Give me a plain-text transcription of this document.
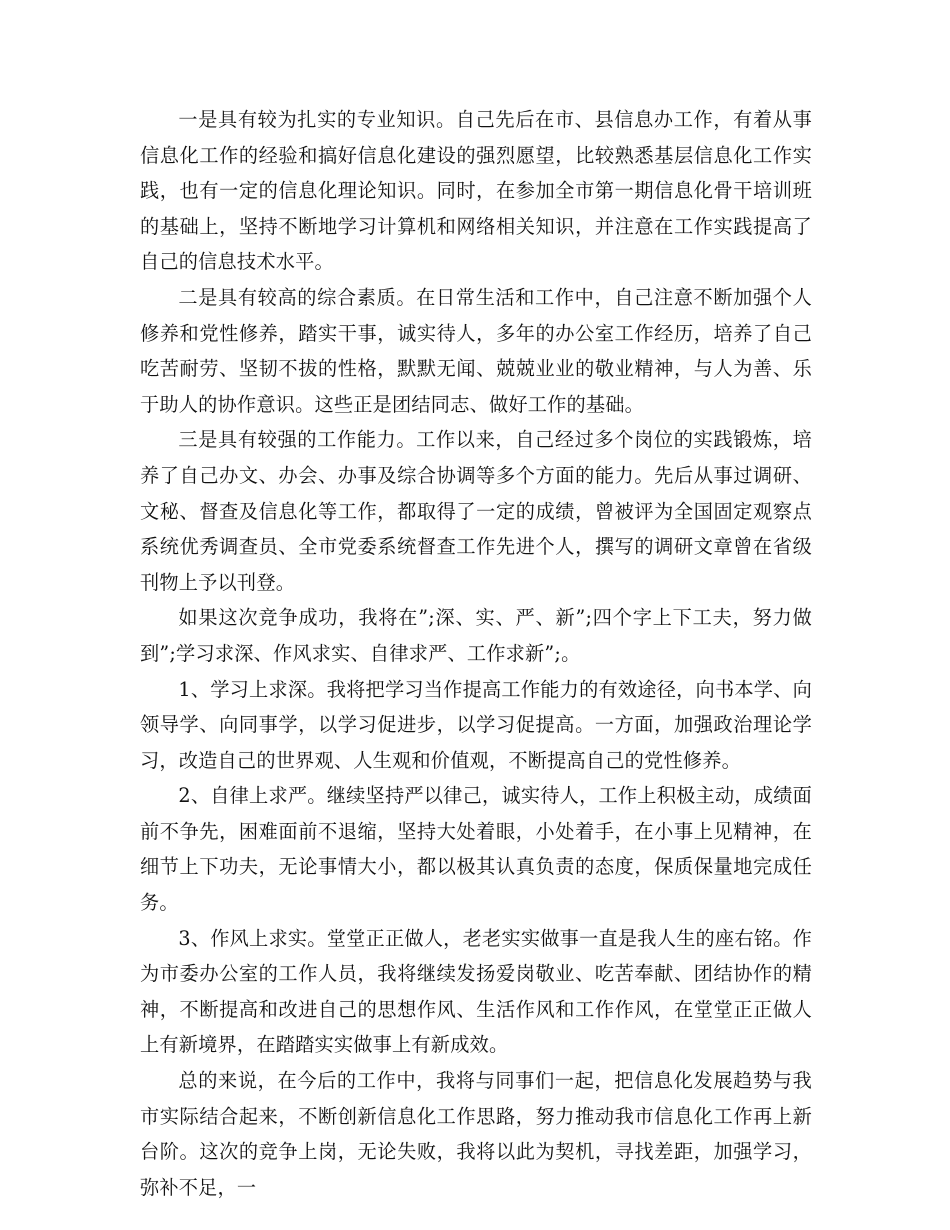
一是具有较为扎实的专业知识。自己先后在市、县信息办工作，有着从事信息化工作的经验和搞好信息化建设的强烈愿望，比较熟悉基层信息化工作实践，也有一定的信息化理论知识。同时，在参加全市第一期信息化骨干培训班的基础上，坚持不断地学习计算机和网络相关知识，并注意在工作实践提高了自己的信息技术水平。

二是具有较高的综合素质。在日常生活和工作中，自己注意不断加强个人修养和党性修养，踏实干事，诚实待人，多年的办公室工作经历，培养了自己吃苦耐劳、坚韧不拔的性格，默默无闻、兢兢业业的敬业精神，与人为善、乐于助人的协作意识。这些正是团结同志、做好工作的基础。

三是具有较强的工作能力。工作以来，自己经过多个岗位的实践锻炼，培养了自己办文、办会、办事及综合协调等多个方面的能力。先后从事过调研、文秘、督查及信息化等工作，都取得了一定的成绩，曾被评为全国固定观察点系统优秀调查员、全市党委系统督查工作先进个人，撰写的调研文章曾在省级刊物上予以刊登。

如果这次竞争成功，我将在”;深、实、严、新”;四个字上下工夫，努力做到”;学习求深、作风求实、自律求严、工作求新”;。

1、学习上求深。我将把学习当作提高工作能力的有效途径，向书本学、向领导学、向同事学，以学习促进步，以学习促提高。一方面，加强政治理论学习，改造自己的世界观、人生观和价值观，不断提高自己的党性修养。

2、自律上求严。继续坚持严以律己，诚实待人，工作上积极主动，成绩面前不争先，困难面前不退缩，坚持大处着眼，小处着手，在小事上见精神，在细节上下功夫，无论事情大小，都以极其认真负责的态度，保质保量地完成任务。

3、作风上求实。堂堂正正做人，老老实实做事一直是我人生的座右铭。作为市委办公室的工作人员，我将继续发扬爱岗敬业、吃苦奉献、团结协作的精神，不断提高和改进自己的思想作风、生活作风和工作作风，在堂堂正正做人上有新境界，在踏踏实实做事上有新成效。

总的来说，在今后的工作中，我将与同事们一起，把信息化发展趋势与我市实际结合起来，不断创新信息化工作思路，努力推动我市信息化工作再上新台阶。这次的竞争上岗，无论失败，我将以此为契机，寻找差距，加强学习，弥补不足，一
